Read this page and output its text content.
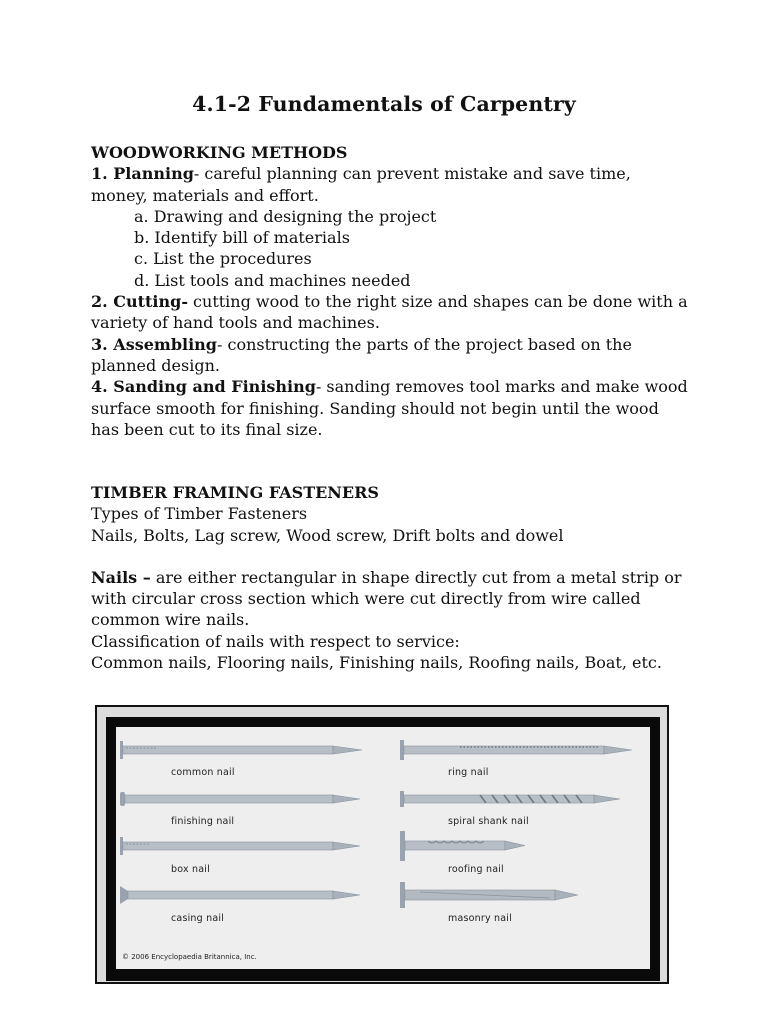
4.1-2 Fundamentals of Carpentry

WOODWORKING METHODS

1. Planning- careful planning can prevent mistake and save time, money, materials and effort.

a. Drawing and designing the project

b. Identify bill of materials

c. List the procedures

d. List tools and machines needed

2. Cutting- cutting wood to the right size and shapes can be done with a variety of hand tools and machines.

3. Assembling- constructing the parts of the project based on the planned design.

4. Sanding and Finishing- sanding removes tool marks and make wood surface smooth for finishing. Sanding should not begin until the wood has been cut to its final size.

TIMBER FRAMING FASTENERS

Types of Timber Fasteners

Nails, Bolts, Lag screw, Wood screw, Drift bolts and dowel

Nails – are either rectangular in shape directly cut from a metal strip or with circular cross section which were cut directly from wire called common wire nails.

Classification of nails with respect to service:

Common nails, Flooring nails, Finishing nails, Roofing nails, Boat, etc.

common nail
finishing nail
box nail
casing nail
ring nail
spiral shank nail
roofing nail
masonry nail
© 2006 Encyclopaedia Britannica, Inc.
